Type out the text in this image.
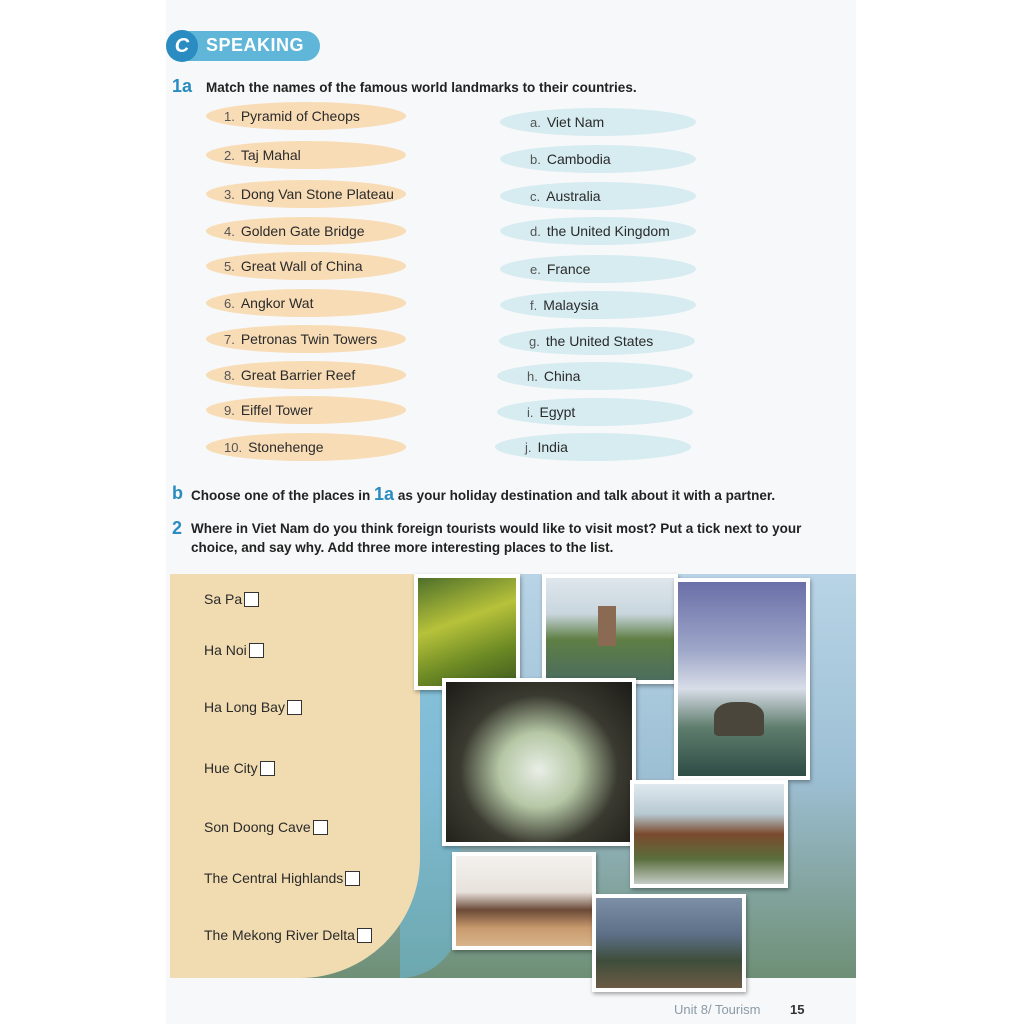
C SPEAKING
1a Match the names of the famous world landmarks to their countries.
1. Pyramid of Cheops
2. Taj Mahal
3. Dong Van Stone Plateau
4. Golden Gate Bridge
5. Great Wall of China
6. Angkor Wat
7. Petronas Twin Towers
8. Great Barrier Reef
9. Eiffel Tower
10. Stonehenge
a. Viet Nam
b. Cambodia
c. Australia
d. the United Kingdom
e. France
f. Malaysia
g. the United States
h. China
i. Egypt
j. India
b Choose one of the places in 1a as your holiday destination and talk about it with a partner.
2 Where in Viet Nam do you think foreign tourists would like to visit most? Put a tick next to your
choice, and say why. Add three more interesting places to the list.
Sa Pa
Ha Noi
Ha Long Bay
Hue City
Son Doong Cave
The Central Highlands
The Mekong River Delta
Unit 8/ Tourism 15
